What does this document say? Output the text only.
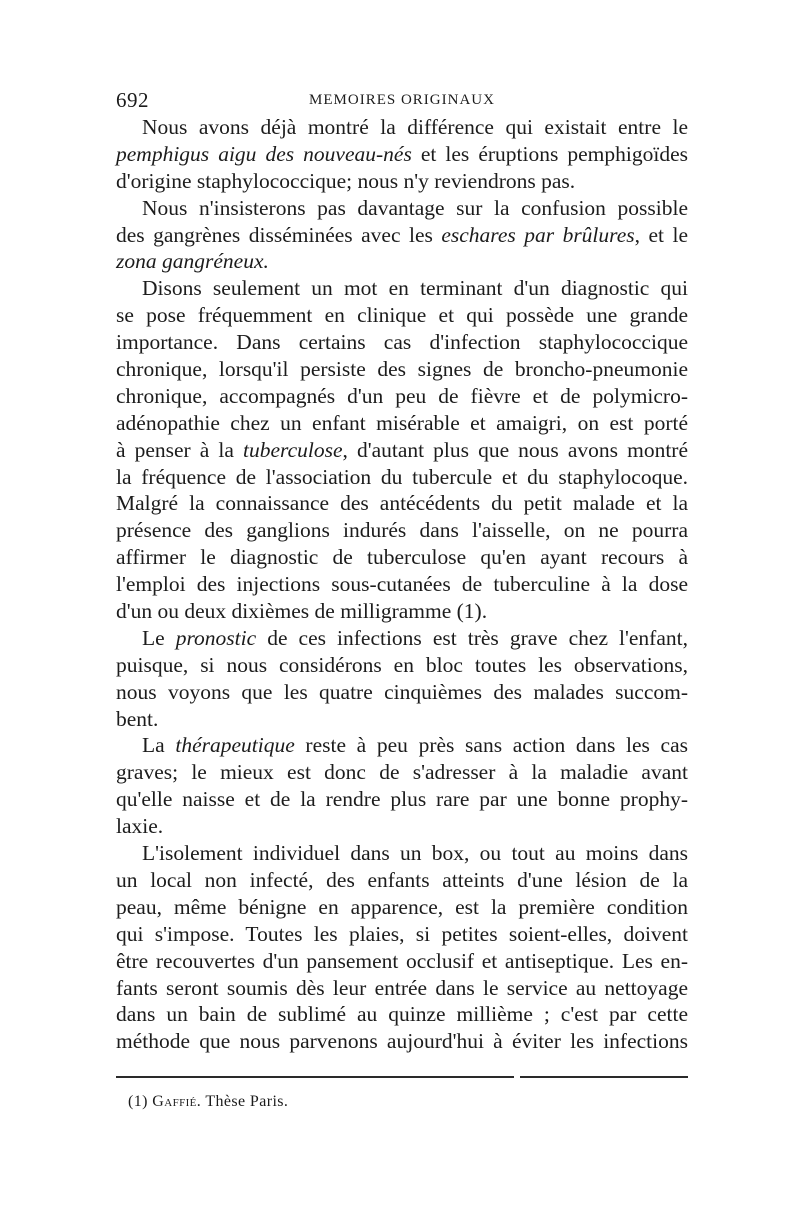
692	MEMOIRES ORIGINAUX
Nous avons déjà montré la différence qui existait entre le
pemphigus aigu des nouveau-nés et les éruptions pemphigoïdes
d'origine staphylococcique; nous n'y reviendrons pas.
Nous n'insisterons pas davantage sur la confusion possible
des gangrènes disséminées avec les eschares par brûlures, et le
zona gangréneux.
Disons seulement un mot en terminant d'un diagnostic qui
se pose fréquemment en clinique et qui possède une grande
importance. Dans certains cas d'infection staphylococcique
chronique, lorsqu'il persiste des signes de broncho-pneumonie
chronique, accompagnés d'un peu de fièvre et de polymicro-
adénopathie chez un enfant misérable et amaigri, on est porté
à penser à la tuberculose, d'autant plus que nous avons montré
la fréquence de l'association du tubercule et du staphylocoque.
Malgré la connaissance des antécédents du petit malade et la
présence des ganglions indurés dans l'aisselle, on ne pourra
affirmer le diagnostic de tuberculose qu'en ayant recours à
l'emploi des injections sous-cutanées de tuberculine à la dose
d'un ou deux dixièmes de milligramme (1).
Le pronostic de ces infections est très grave chez l'enfant,
puisque, si nous considérons en bloc toutes les observations,
nous voyons que les quatre cinquièmes des malades succom-
bent.
La thérapeutique reste à peu près sans action dans les cas
graves; le mieux est donc de s'adresser à la maladie avant
qu'elle naisse et de la rendre plus rare par une bonne prophy-
laxie.
L'isolement individuel dans un box, ou tout au moins dans
un local non infecté, des enfants atteints d'une lésion de la
peau, même bénigne en apparence, est la première condition
qui s'impose. Toutes les plaies, si petites soient-elles, doivent
être recouvertes d'un pansement occlusif et antiseptique. Les en-
fants seront soumis dès leur entrée dans le service au nettoyage
dans un bain de sublimé au quinze millième ; c'est par cette
méthode que nous parvenons aujourd'hui à éviter les infections
(1) Gaffié. Thèse Paris.
